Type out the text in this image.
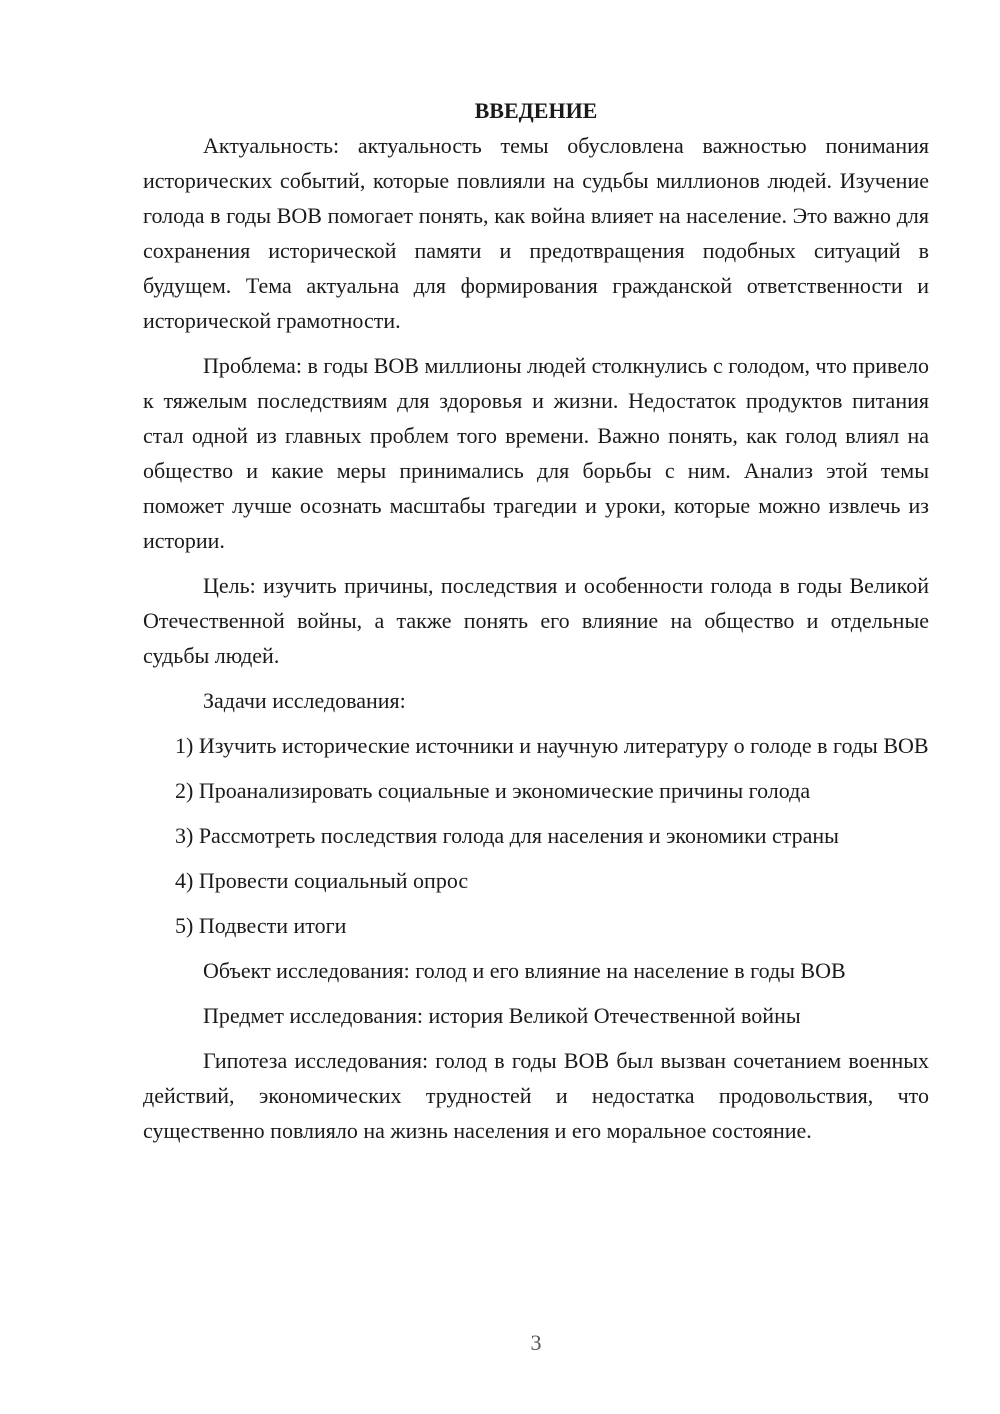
ВВЕДЕНИЕ

Актуальность: актуальность темы обусловлена важностью понимания исторических событий, которые повлияли на судьбы миллионов людей. Изучение голода в годы ВОВ помогает понять, как война влияет на население. Это важно для сохранения исторической памяти и предотвращения подобных ситуаций в будущем. Тема актуальна для формирования гражданской ответственности и исторической грамотности.

Проблема: в годы ВОВ миллионы людей столкнулись с голодом, что привело к тяжелым последствиям для здоровья и жизни. Недостаток продуктов питания стал одной из главных проблем того времени. Важно понять, как голод влиял на общество и какие меры принимались для борьбы с ним. Анализ этой темы поможет лучше осознать масштабы трагедии и уроки, которые можно извлечь из истории.

Цель: изучить причины, последствия и особенности голода в годы Великой Отечественной войны, а также понять его влияние на общество и отдельные судьбы людей.

Задачи исследования:

1) Изучить исторические источники и научную литературу о голоде в годы ВОВ

2) Проанализировать социальные и экономические причины голода

3) Рассмотреть последствия голода для населения и экономики страны

4) Провести социальный опрос

5) Подвести итоги

Объект исследования: голод и его влияние на население в годы ВОВ

Предмет исследования: история Великой Отечественной войны

Гипотеза исследования: голод в годы ВОВ был вызван сочетанием военных действий, экономических трудностей и недостатка продовольствия, что существенно повлияло на жизнь населения и его моральное состояние.

3
